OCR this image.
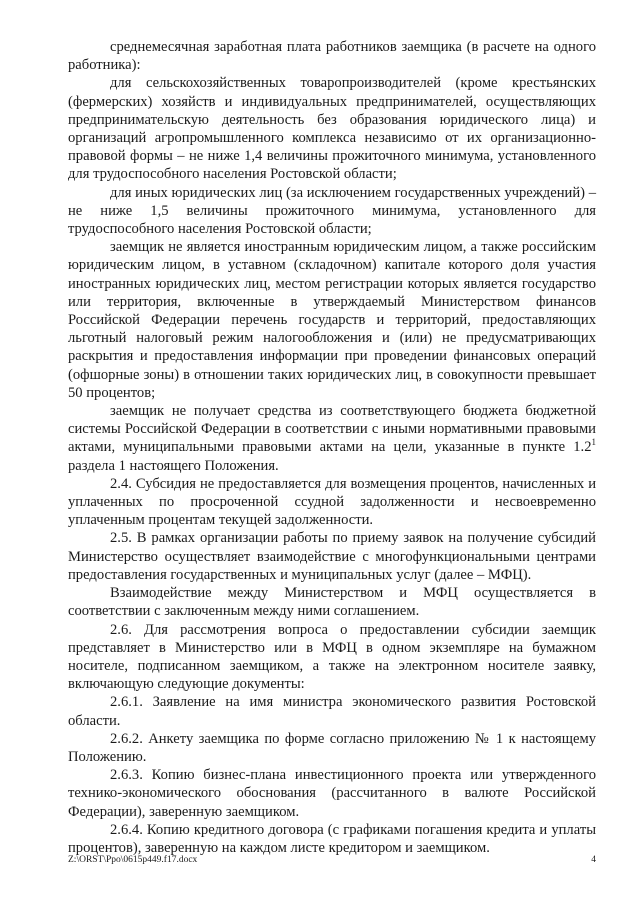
среднемесячная заработная плата работников заемщика (в расчете на одного работника):

для сельскохозяйственных товаропроизводителей (кроме крестьянских (фермерских) хозяйств и индивидуальных предпринимателей, осуществляющих предпринимательскую деятельность без образования юридического лица) и организаций агропромышленного комплекса независимо от их организационно-правовой формы – не ниже 1,4 величины прожиточного минимума, установленного для трудоспособного населения Ростовской области;

для иных юридических лиц (за исключением государственных учреждений) – не ниже 1,5 величины прожиточного минимума, установленного для трудоспособного населения Ростовской области;

заемщик не является иностранным юридическим лицом, а также российским юридическим лицом, в уставном (складочном) капитале которого доля участия иностранных юридических лиц, местом регистрации которых является государство или территория, включенные в утверждаемый Министерством финансов Российской Федерации перечень государств и территорий, предоставляющих льготный налоговый режим налогообложения и (или) не предусматривающих раскрытия и предоставления информации при проведении финансовых операций (офшорные зоны) в отношении таких юридических лиц, в совокупности превышает 50 процентов;

заемщик не получает средства из соответствующего бюджета бюджетной системы Российской Федерации в соответствии с иными нормативными правовыми актами, муниципальными правовыми актами на цели, указанные в пункте $1.2^1$ раздела 1 настоящего Положения.

2.4. Субсидия не предоставляется для возмещения процентов, начисленных и уплаченных по просроченной ссудной задолженности и несвоевременно уплаченным процентам текущей задолженности.

2.5. В рамках организации работы по приему заявок на получение субсидий Министерство осуществляет взаимодействие с многофункциональными центрами предоставления государственных и муниципальных услуг (далее – МФЦ).

Взаимодействие между Министерством и МФЦ осуществляется в соответствии с заключенным между ними соглашением.

2.6. Для рассмотрения вопроса о предоставлении субсидии заемщик представляет в Министерство или в МФЦ в одном экземпляре на бумажном носителе, подписанном заемщиком, а также на электронном носителе заявку, включающую следующие документы:

2.6.1. Заявление на имя министра экономического развития Ростовской области.

2.6.2. Анкету заемщика по форме согласно приложению № 1 к настоящему Положению.

2.6.3. Копию бизнес-плана инвестиционного проекта или утвержденного технико-экономического обоснования (рассчитанного в валюте Российской Федерации), заверенную заемщиком.

2.6.4. Копию кредитного договора (с графиками погашения кредита и уплаты процентов), заверенную на каждом листе кредитором и заемщиком.

Z:\ORST\Ppo\0615p449.f17.docx	4
